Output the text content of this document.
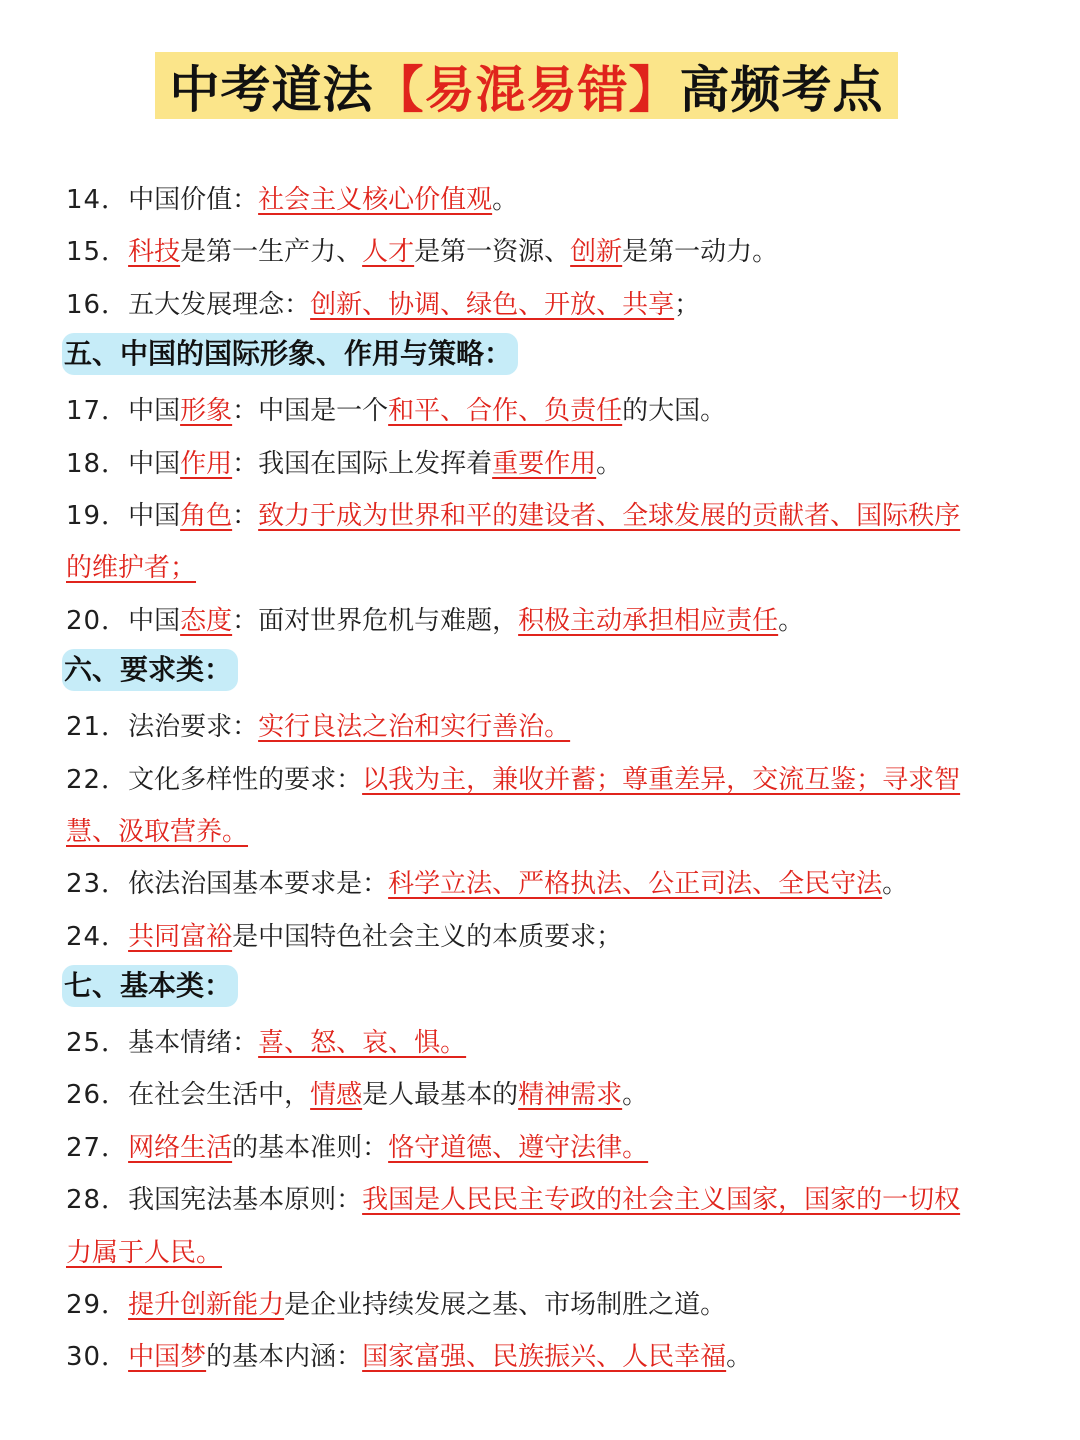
中考道法【易混易错】高频考点
14．中国价值：社会主义核心价值观。
15．科技是第一生产力、人才是第一资源、创新是第一动力。
16．五大发展理念：创新、协调、绿色、开放、共享；
五、中国的国际形象、作用与策略：
17．中国形象：中国是一个和平、合作、负责任的大国。
18．中国作用：我国在国际上发挥着重要作用。
19．中国角色：致力于成为世界和平的建设者、全球发展的贡献者、国际秩序
的维护者；
20．中国态度：面对世界危机与难题，积极主动承担相应责任。
六、要求类：
21．法治要求：实行良法之治和实行善治。
22．文化多样性的要求：以我为主，兼收并蓄；尊重差异，交流互鉴；寻求智
慧、汲取营养。
23．依法治国基本要求是：科学立法、严格执法、公正司法、全民守法。
24．共同富裕是中国特色社会主义的本质要求；
七、基本类：
25．基本情绪：喜、怒、哀、惧。
26．在社会生活中，情感是人最基本的精神需求。
27．网络生活的基本准则：恪守道德、遵守法律。
28．我国宪法基本原则：我国是人民民主专政的社会主义国家，国家的一切权
力属于人民。
29．提升创新能力是企业持续发展之基、市场制胜之道。
30．中国梦的基本内涵：国家富强、民族振兴、人民幸福。
